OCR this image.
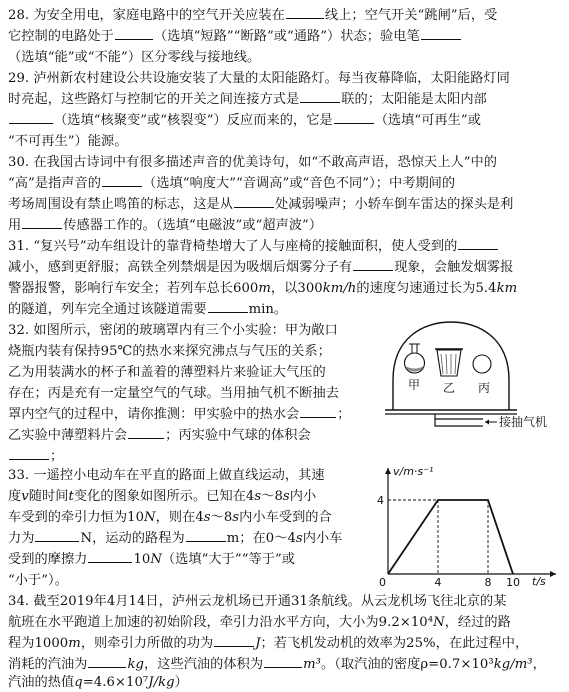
28. 为安全用电，家庭电路中的空气开关应装在	线上；空气开关“跳闸”后，受
它控制的电路处于	（选填“短路”“断路”或“通路”）状态；验电笔
（选填“能”或“不能”）区分零线与接地线。
29. 泸州新农村建设公共设施安装了大量的太阳能路灯。每当夜幕降临，太阳能路灯同
时亮起，这些路灯与控制它的开关之间连接方式是	联的；太阳能是太阳内部
（选填“核聚变”或“核裂变”）反应而来的，它是	（选填“可再生”或
“不可再生”）能源。
30. 在我国古诗词中有很多描述声音的优美诗句，如“不敢高声语，恐惊天上人”中的
“高”是指声音的	（选填“响度大”“音调高”或“音色不同”）；中考期间的
考场周围设有禁止鸣笛的标志，这是从	处减弱噪声；小轿车倒车雷达的探头是利
用	传感器工作的。（选填“电磁波”或“超声波”）
31. “复兴号”动车组设计的靠背椅垫增大了人与座椅的接触面积，使人受到的
减小，感到更舒服；高铁全列禁烟是因为吸烟后烟雾分子有	现象，会触发烟雾报
警器报警，影响行车安全；若列车总长600m，以300km/h的速度匀速通过长为5.4km
的隧道，列车完全通过该隧道需要	min。
32. 如图所示，密闭的玻璃罩内有三个小实验：甲为敞口
烧瓶内装有保持95℃的热水来探究沸点与气压的关系；
乙为用装满水的杯子和盖着的薄塑料片来验证大气压的
存在；丙是充有一定量空气的气球。当用抽气机不断抽去
罩内空气的过程中，请你推测：甲实验中的热水会	；
乙实验中薄塑料片会	；丙实验中气球的体积会
；
接抽气机
甲 乙 丙
33. 一遥控小电动车在平直的路面上做直线运动，其速
度v随时间t变化的图象如图所示。已知在4s～8s内小
车受到的牵引力恒为10N，则在4s～8s内小车受到的合
力为	N，运动的路程为	m；在0～4s内小车
受到的摩擦力	10N（选填“大于”“等于”或
“小于”）。
v/m·s⁻¹
t/s
0	4	8 10
4
34. 截至2019年4月14日，泸州云龙机场已开通31条航线。从云龙机场飞往北京的某
航班在水平跑道上加速的初始阶段，牵引力沿水平方向，大小为9.2×10⁴N，经过的路
程为1000m，则牵引力所做的功为	J；若飞机发动机的效率为25%，在此过程中，
消耗的汽油为	kg，这些汽油的体积为	m³。（取汽油的密度ρ=0.7×10³kg/m³，
汽油的热值q=4.6×10⁷J/kg）
